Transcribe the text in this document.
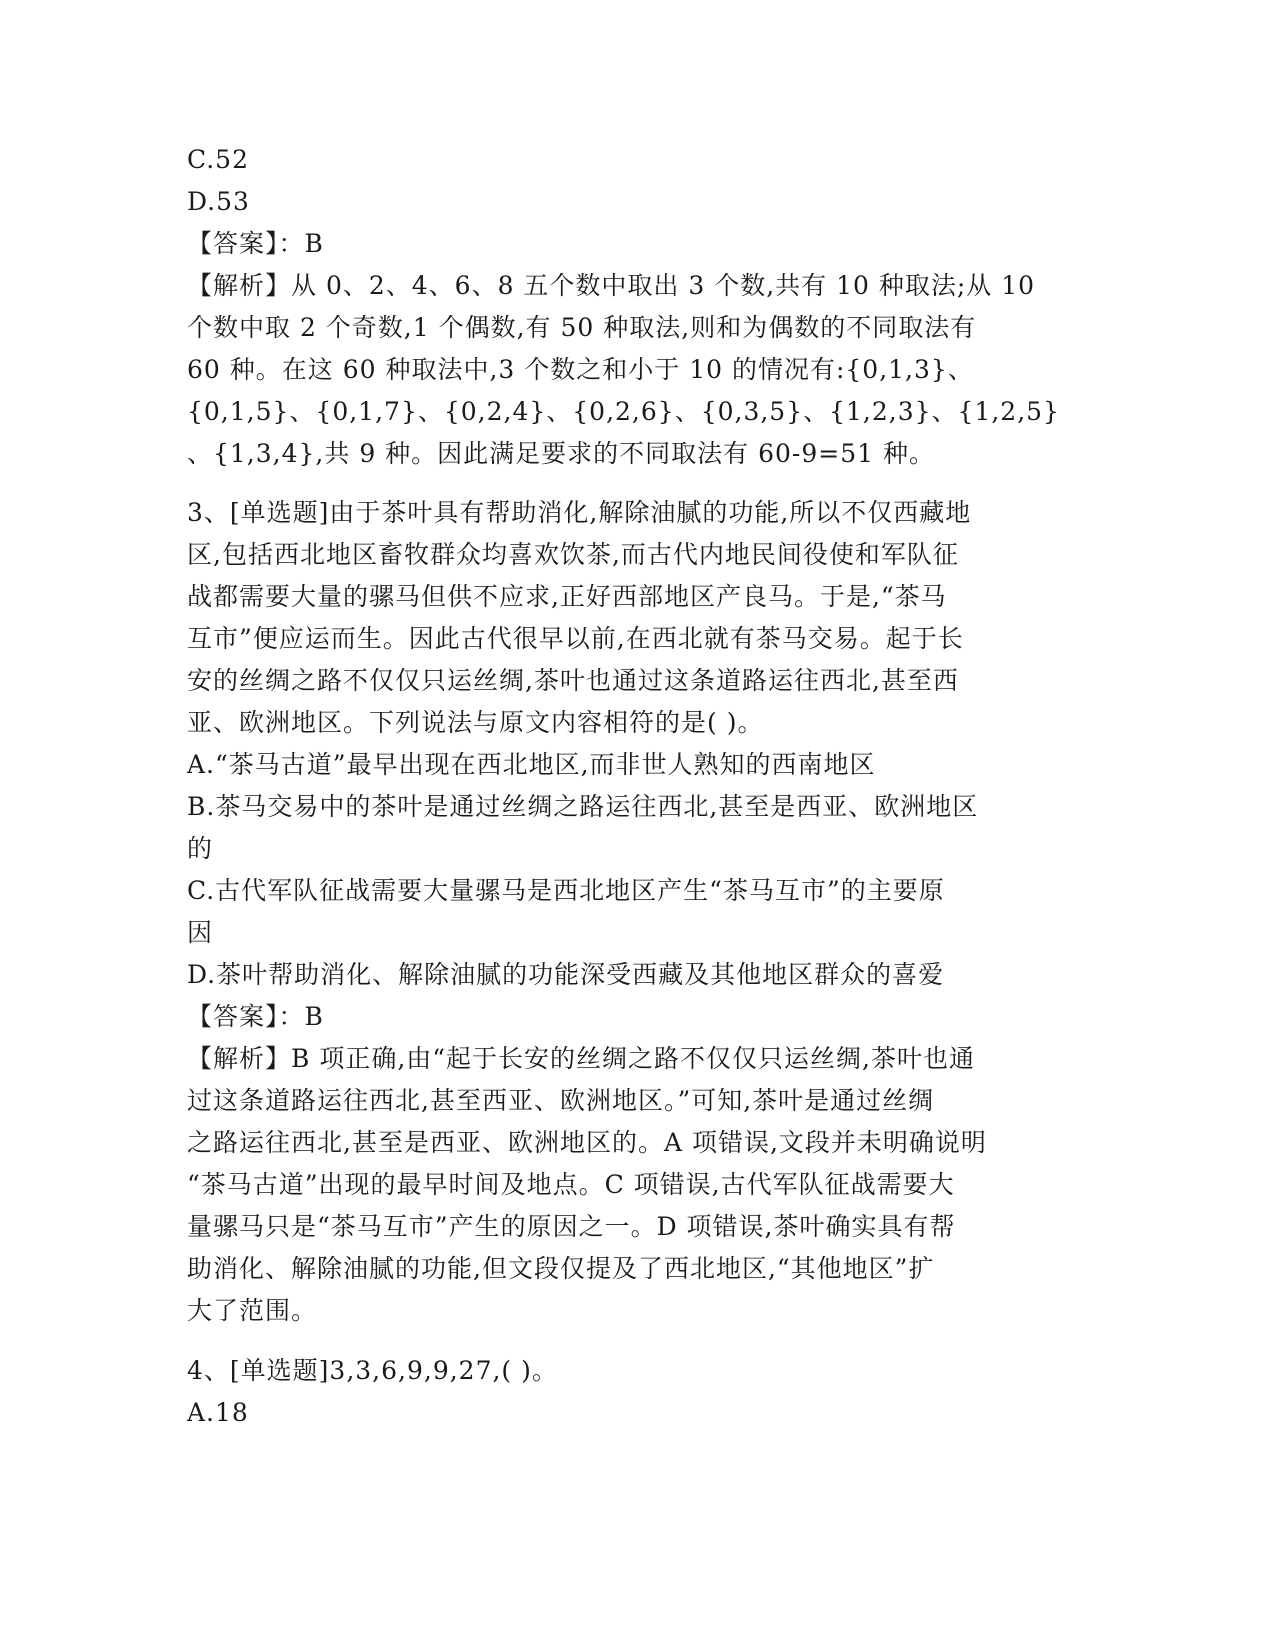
C.52
D.53
【答案】：B
【解析】从 0、2、4、6、8 五个数中取出 3 个数,共有 10 种取法;从 10
个数中取 2 个奇数,1 个偶数,有 50 种取法,则和为偶数的不同取法有
60 种。在这 60 种取法中,3 个数之和小于 10 的情况有:{0,1,3}、
{0,1,5}、{0,1,7}、{0,2,4}、{0,2,6}、{0,3,5}、{1,2,3}、{1,2,5}
、{1,3,4},共 9 种。因此满足要求的不同取法有 60-9=51 种。
3、[单选题]由于茶叶具有帮助消化,解除油腻的功能,所以不仅西藏地
区,包括西北地区畜牧群众均喜欢饮茶,而古代内地民间役使和军队征
战都需要大量的骡马但供不应求,正好西部地区产良马。于是,“茶马
互市”便应运而生。因此古代很早以前,在西北就有茶马交易。起于长
安的丝绸之路不仅仅只运丝绸,茶叶也通过这条道路运往西北,甚至西
亚、欧洲地区。下列说法与原文内容相符的是( )。
A.“茶马古道”最早出现在西北地区,而非世人熟知的西南地区
B.茶马交易中的茶叶是通过丝绸之路运往西北,甚至是西亚、欧洲地区
的
C.古代军队征战需要大量骡马是西北地区产生“茶马互市”的主要原
因
D.茶叶帮助消化、解除油腻的功能深受西藏及其他地区群众的喜爱
【答案】：B
【解析】B 项正确,由“起于长安的丝绸之路不仅仅只运丝绸,茶叶也通
过这条道路运往西北,甚至西亚、欧洲地区。”可知,茶叶是通过丝绸
之路运往西北,甚至是西亚、欧洲地区的。A 项错误,文段并未明确说明
“茶马古道”出现的最早时间及地点。C 项错误,古代军队征战需要大
量骡马只是“茶马互市”产生的原因之一。D 项错误,茶叶确实具有帮
助消化、解除油腻的功能,但文段仅提及了西北地区,“其他地区”扩
大了范围。
4、[单选题]3,3,6,9,9,27,( )。
A.18
